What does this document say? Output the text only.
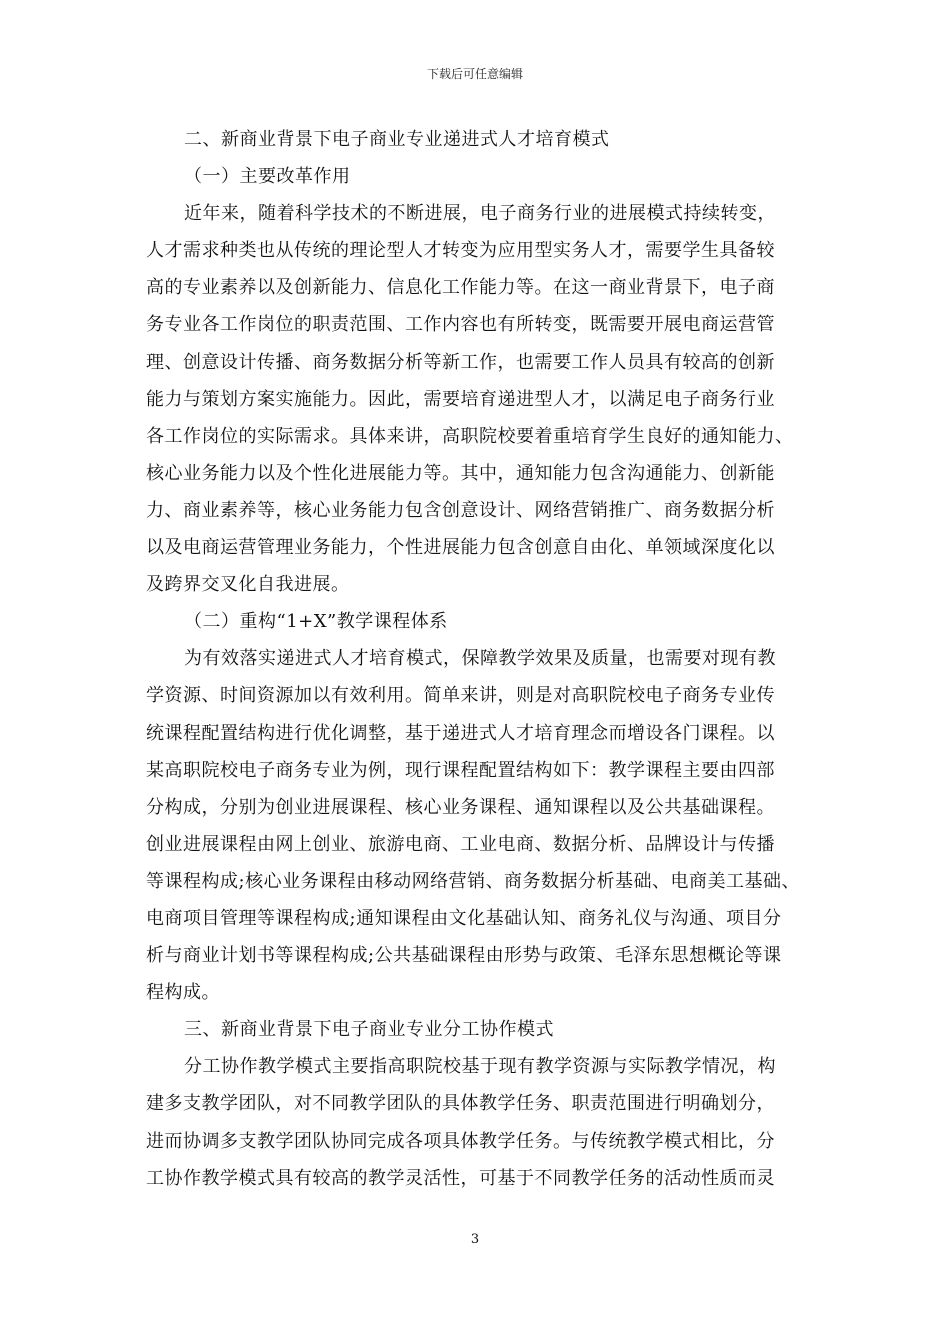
下载后可任意编辑
二、新商业背景下电子商业专业递进式人才培育模式
（一）主要改革作用
近年来，随着科学技术的不断进展，电子商务行业的进展模式持续转变，
人才需求种类也从传统的理论型人才转变为应用型实务人才，需要学生具备较
高的专业素养以及创新能力、信息化工作能力等。在这一商业背景下，电子商
务专业各工作岗位的职责范围、工作内容也有所转变，既需要开展电商运营管
理、创意设计传播、商务数据分析等新工作，也需要工作人员具有较高的创新
能力与策划方案实施能力。因此，需要培育递进型人才，以满足电子商务行业
各工作岗位的实际需求。具体来讲，高职院校要着重培育学生良好的通知能力、
核心业务能力以及个性化进展能力等。其中，通知能力包含沟通能力、创新能
力、商业素养等，核心业务能力包含创意设计、网络营销推广、商务数据分析
以及电商运营管理业务能力，个性进展能力包含创意自由化、单领域深度化以
及跨界交叉化自我进展。
（二）重构“1+X”教学课程体系
为有效落实递进式人才培育模式，保障教学效果及质量，也需要对现有教
学资源、时间资源加以有效利用。简单来讲，则是对高职院校电子商务专业传
统课程配置结构进行优化调整，基于递进式人才培育理念而增设各门课程。以
某高职院校电子商务专业为例，现行课程配置结构如下：教学课程主要由四部
分构成，分别为创业进展课程、核心业务课程、通知课程以及公共基础课程。
创业进展课程由网上创业、旅游电商、工业电商、数据分析、品牌设计与传播
等课程构成;核心业务课程由移动网络营销、商务数据分析基础、电商美工基础、
电商项目管理等课程构成;通知课程由文化基础认知、商务礼仪与沟通、项目分
析与商业计划书等课程构成;公共基础课程由形势与政策、毛泽东思想概论等课
程构成。
三、新商业背景下电子商业专业分工协作模式
分工协作教学模式主要指高职院校基于现有教学资源与实际教学情况，构
建多支教学团队，对不同教学团队的具体教学任务、职责范围进行明确划分，
进而协调多支教学团队协同完成各项具体教学任务。与传统教学模式相比，分
工协作教学模式具有较高的教学灵活性，可基于不同教学任务的活动性质而灵
3
